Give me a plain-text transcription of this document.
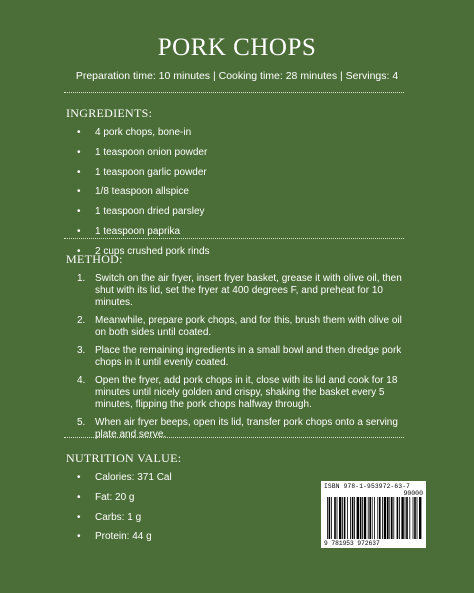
PORK CHOPS
Preparation time: 10 minutes | Cooking time: 28 minutes | Servings: 4
INGREDIENTS:
• 4 pork chops, bone-in
• 1 teaspoon onion powder
• 1 teaspoon garlic powder
• 1/8 teaspoon allspice
• 1 teaspoon dried parsley
• 1 teaspoon paprika
• 2 cups crushed pork rinds
METHOD:
1. Switch on the air fryer, insert fryer basket, grease it with olive oil, then shut with its lid, set the fryer at 400 degrees F, and preheat for 10 minutes.
2. Meanwhile, prepare pork chops, and for this, brush them with olive oil on both sides until coated.
3. Place the remaining ingredients in a small bowl and then dredge pork chops in it until evenly coated.
4. Open the fryer, add pork chops in it, close with its lid and cook for 18 minutes until nicely golden and crispy, shaking the basket every 5 minutes, flipping the pork chops halfway through.
5. When air fryer beeps, open its lid, transfer pork chops onto a serving plate and serve.
NUTRITION VALUE:
• Calories: 371 Cal
• Fat: 20 g
• Carbs: 1 g
• Protein: 44 g
ISBN 978-1-953972-63-7
90000
9 781953 972637
